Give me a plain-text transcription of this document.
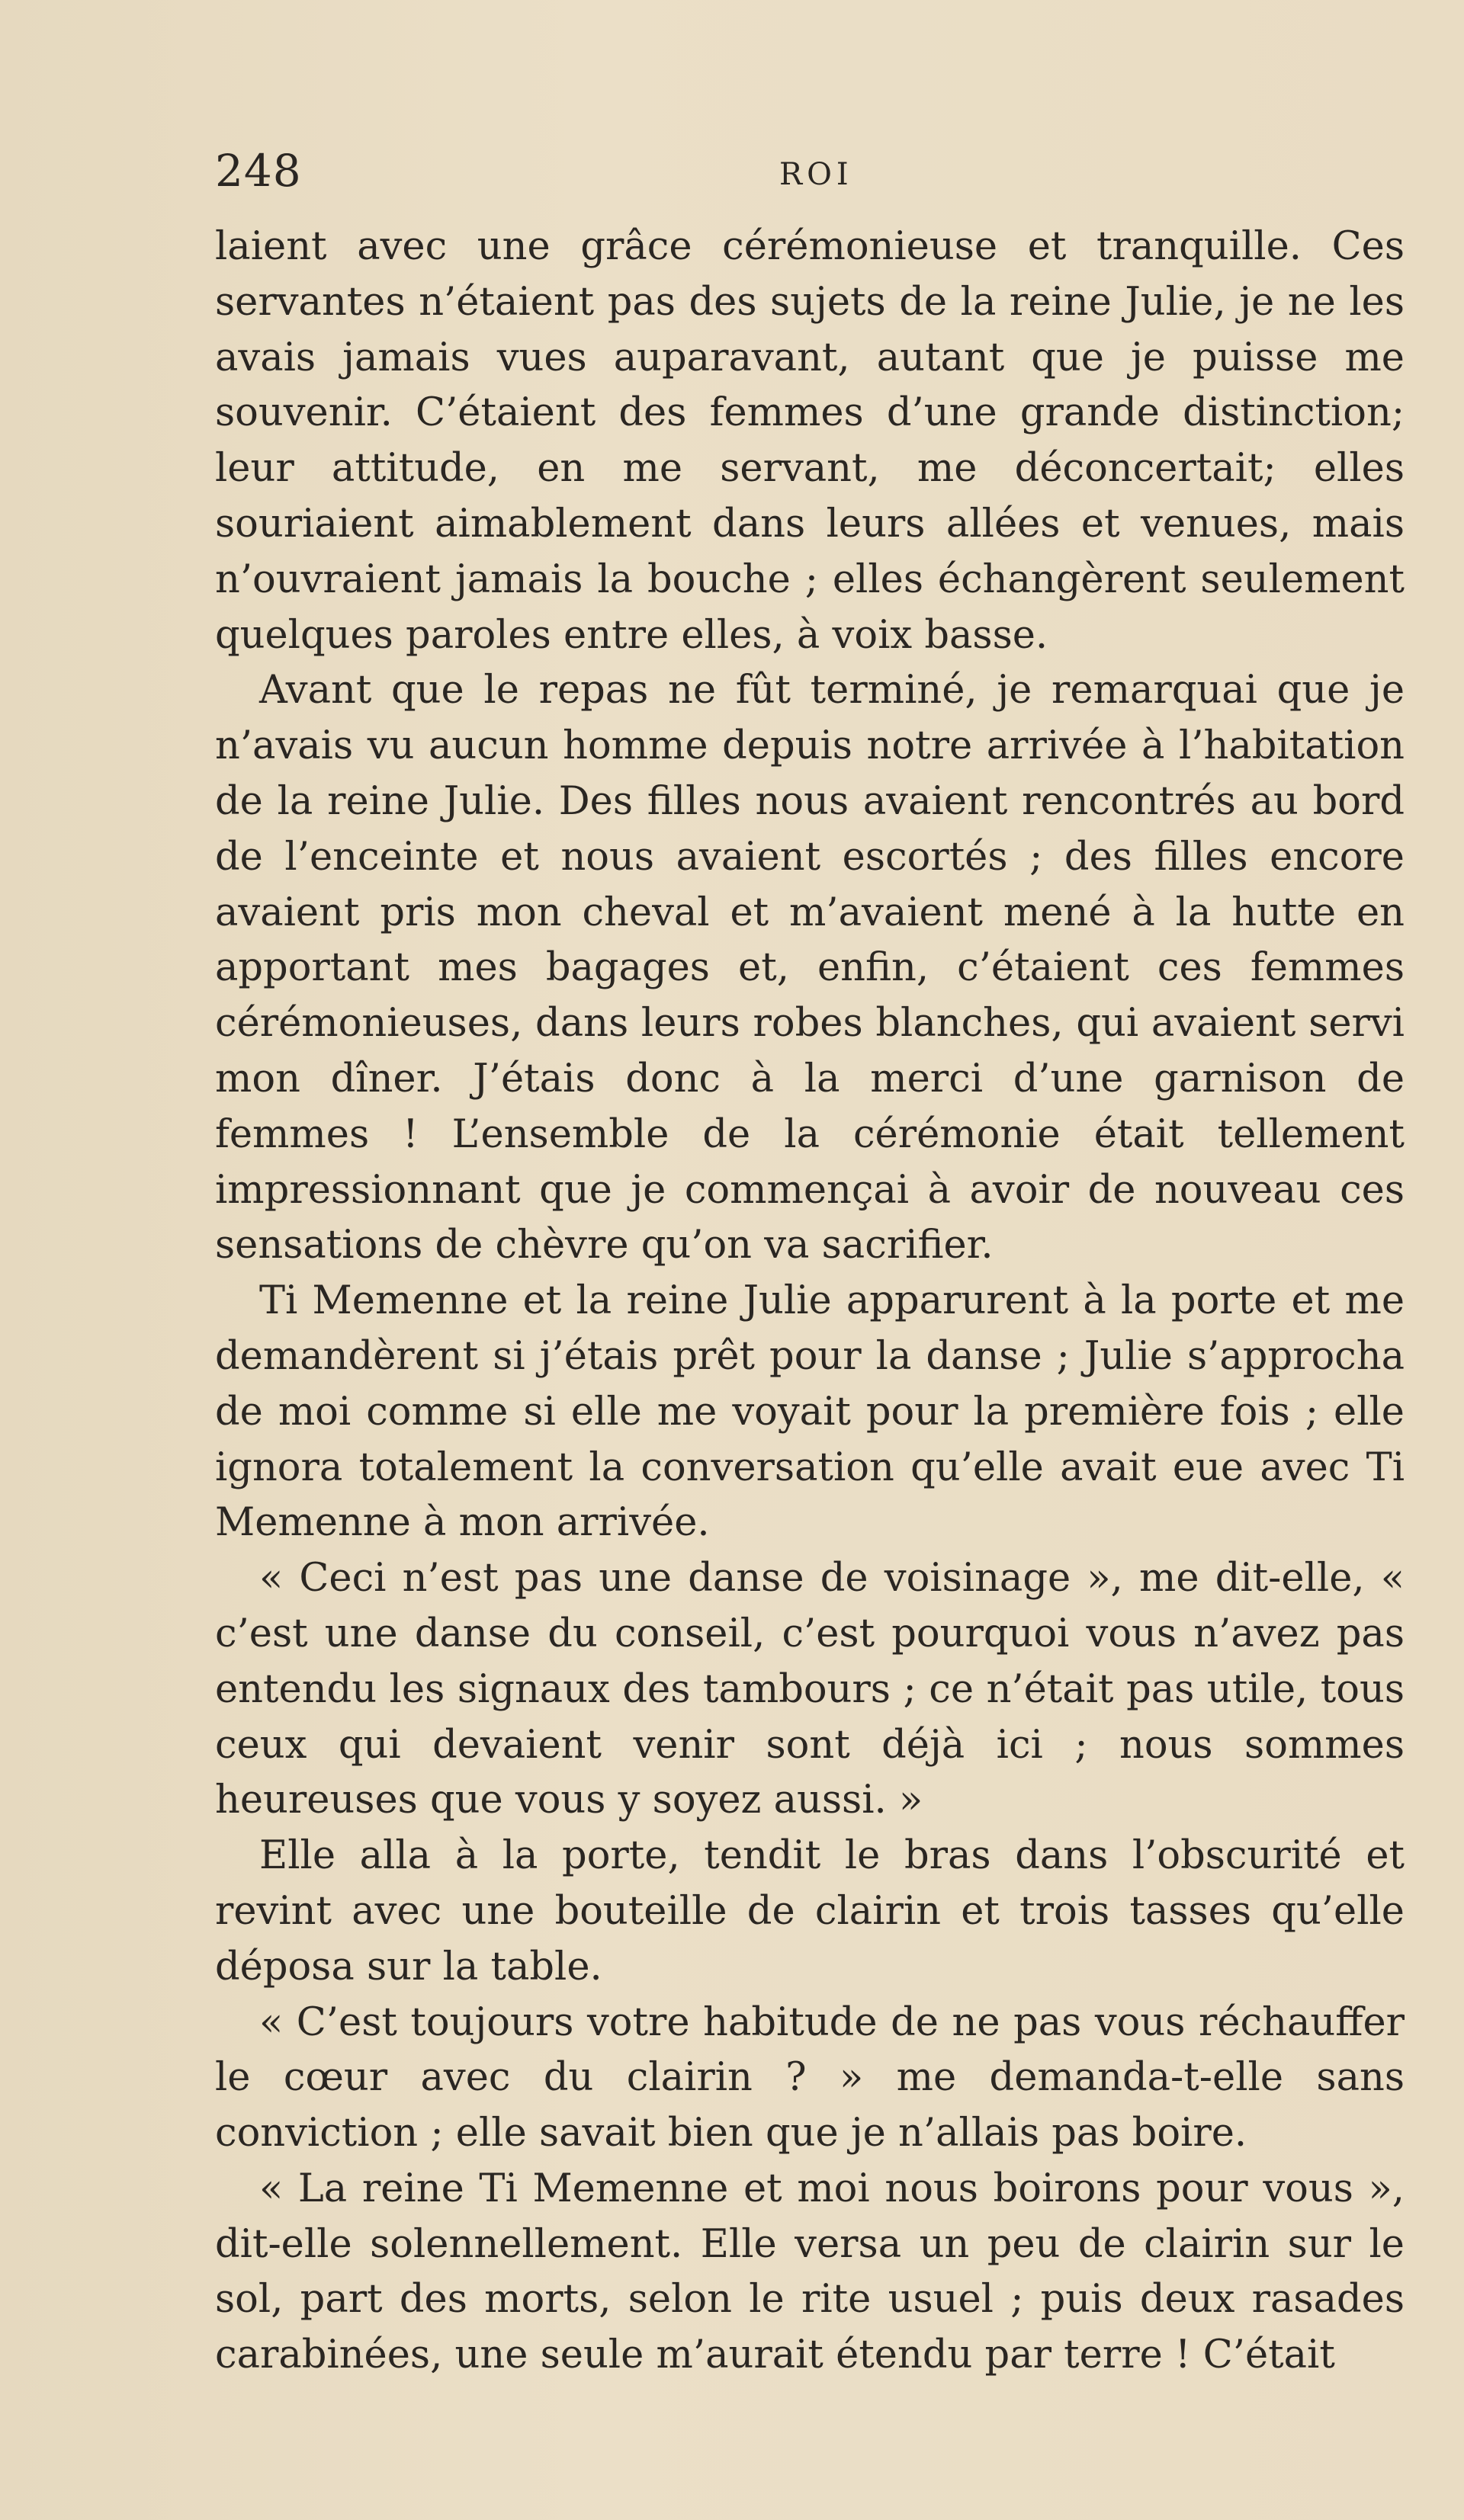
248	ROI

laient avec une grâce cérémonieuse et tranquille. Ces servantes n’étaient pas des sujets de la reine Julie, je ne les avais jamais vues auparavant, autant que je puisse me souvenir. C’étaient des femmes d’une grande distinction; leur attitude, en me servant, me déconcertait; elles souriaient aimablement dans leurs allées et venues, mais n’ouvraient jamais la bouche ; elles échangèrent seulement quelques paroles entre elles, à voix basse.

Avant que le repas ne fût terminé, je remarquai que je n’avais vu aucun homme depuis notre arrivée à l’habitation de la reine Julie. Des filles nous avaient rencontrés au bord de l’enceinte et nous avaient escortés ; des filles encore avaient pris mon cheval et m’avaient mené à la hutte en apportant mes bagages et, enfin, c’étaient ces femmes cérémonieuses, dans leurs robes blanches, qui avaient servi mon dîner. J’étais donc à la merci d’une garnison de femmes ! L’ensemble de la cérémonie était tellement impressionnant que je commençai à avoir de nouveau ces sensations de chèvre qu’on va sacrifier.

Ti Memenne et la reine Julie apparurent à la porte et me demandèrent si j’étais prêt pour la danse ; Julie s’approcha de moi comme si elle me voyait pour la première fois ; elle ignora totalement la conversation qu’elle avait eue avec Ti Memenne à mon arrivée.

« Ceci n’est pas une danse de voisinage », me dit-elle, « c’est une danse du conseil, c’est pourquoi vous n’avez pas entendu les signaux des tambours ; ce n’était pas utile, tous ceux qui devaient venir sont déjà ici ; nous sommes heureuses que vous y soyez aussi. »

Elle alla à la porte, tendit le bras dans l’obscurité et revint avec une bouteille de clairin et trois tasses qu’elle déposa sur la table.

« C’est toujours votre habitude de ne pas vous réchauffer le cœur avec du clairin ? » me demanda-t-elle sans conviction ; elle savait bien que je n’allais pas boire.

« La reine Ti Memenne et moi nous boirons pour vous », dit-elle solennellement. Elle versa un peu de clairin sur le sol, part des morts, selon le rite usuel ; puis deux rasades carabinées, une seule m’aurait étendu par terre ! C’était
